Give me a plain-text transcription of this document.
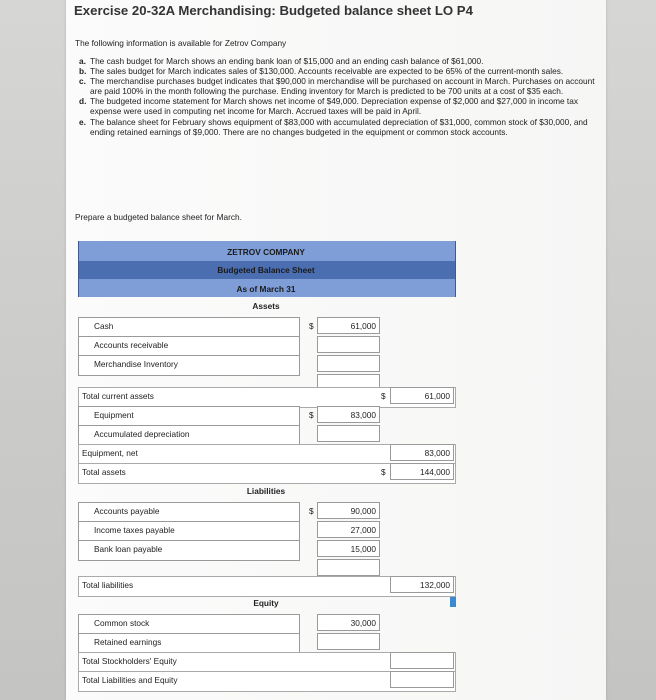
Exercise 20-32A Merchandising: Budgeted balance sheet LO P4
The following information is available for Zetrov Company
a. The cash budget for March shows an ending bank loan of $15,000 and an ending cash balance of $61,000.
b. The sales budget for March indicates sales of $130,000. Accounts receivable are expected to be 65% of the current-month sales.
c. The merchandise purchases budget indicates that $90,000 in merchandise will be purchased on account in March. Purchases on account are paid 100% in the month following the purchase. Ending inventory for March is predicted to be 700 units at a cost of $35 each.
d. The budgeted income statement for March shows net income of $49,000. Depreciation expense of $2,000 and $27,000 in income tax expense were used in computing net income for March. Accrued taxes will be paid in April.
e. The balance sheet for February shows equipment of $83,000 with accumulated depreciation of $31,000, common stock of $30,000, and ending retained earnings of $9,000. There are no changes budgeted in the equipment or common stock accounts.
Prepare a budgeted balance sheet for March.
ZETROV COMPANY
Budgeted Balance Sheet
As of March 31
Assets
Cash	$	61,000
Accounts receivable
Merchandise Inventory
Total current assets	$	61,000
Equipment	$	83,000
Accumulated depreciation
Equipment, net	83,000
Total assets	$	144,000
Liabilities
Accounts payable	$	90,000
Income taxes payable	27,000
Bank loan payable	15,000
Total liabilities	132,000
Equity
Common stock	30,000
Retained earnings
Total Stockholders' Equity
Total Liabilities and Equity
